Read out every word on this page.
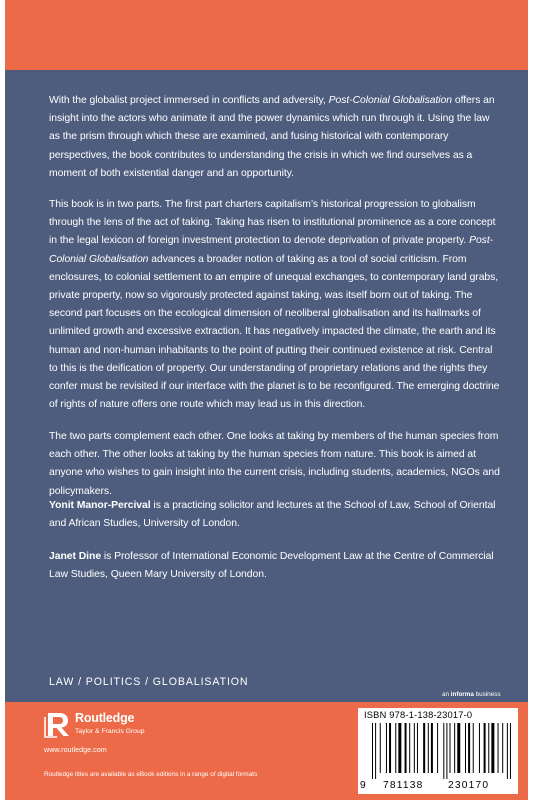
With the globalist project immersed in conflicts and adversity, Post-Colonial Globalisation offers an insight into the actors who animate it and the power dynamics which run through it. Using the law as the prism through which these are examined, and fusing historical with contemporary perspectives, the book contributes to understanding the crisis in which we find ourselves as a moment of both existential danger and an opportunity.
This book is in two parts. The first part charters capitalism’s historical progression to globalism through the lens of the act of taking. Taking has risen to institutional prominence as a core concept in the legal lexicon of foreign investment protection to denote deprivation of private property. Post-Colonial Globalisation advances a broader notion of taking as a tool of social criticism. From enclosures, to colonial settlement to an empire of unequal exchanges, to contemporary land grabs, private property, now so vigorously protected against taking, was itself born out of taking. The second part focuses on the ecological dimension of neoliberal globalisation and its hallmarks of unlimited growth and excessive extraction. It has negatively impacted the climate, the earth and its human and non-human inhabitants to the point of putting their continued existence at risk. Central to this is the deification of property. Our understanding of proprietary relations and the rights they confer must be revisited if our interface with the planet is to be reconfigured. The emerging doctrine of rights of nature offers one route which may lead us in this direction.
The two parts complement each other. One looks at taking by members of the human species from each other. The other looks at taking by the human species from nature. This book is aimed at anyone who wishes to gain insight into the current crisis, including students, academics, NGOs and policymakers.
Yonit Manor-Percival is a practicing solicitor and lectures at the School of Law, School of Oriental and African Studies, University of London.
Janet Dine is Professor of International Economic Development Law at the Centre of Commercial Law Studies, Queen Mary University of London.
LAW / POLITICS / GLOBALISATION
an informa business
Routledge
Taylor & Francis Group
www.routledge.com
Routledge titles are available as eBook editions in a range of digital formats
ISBN 978-1-138-23017-0
9 781138 230170
